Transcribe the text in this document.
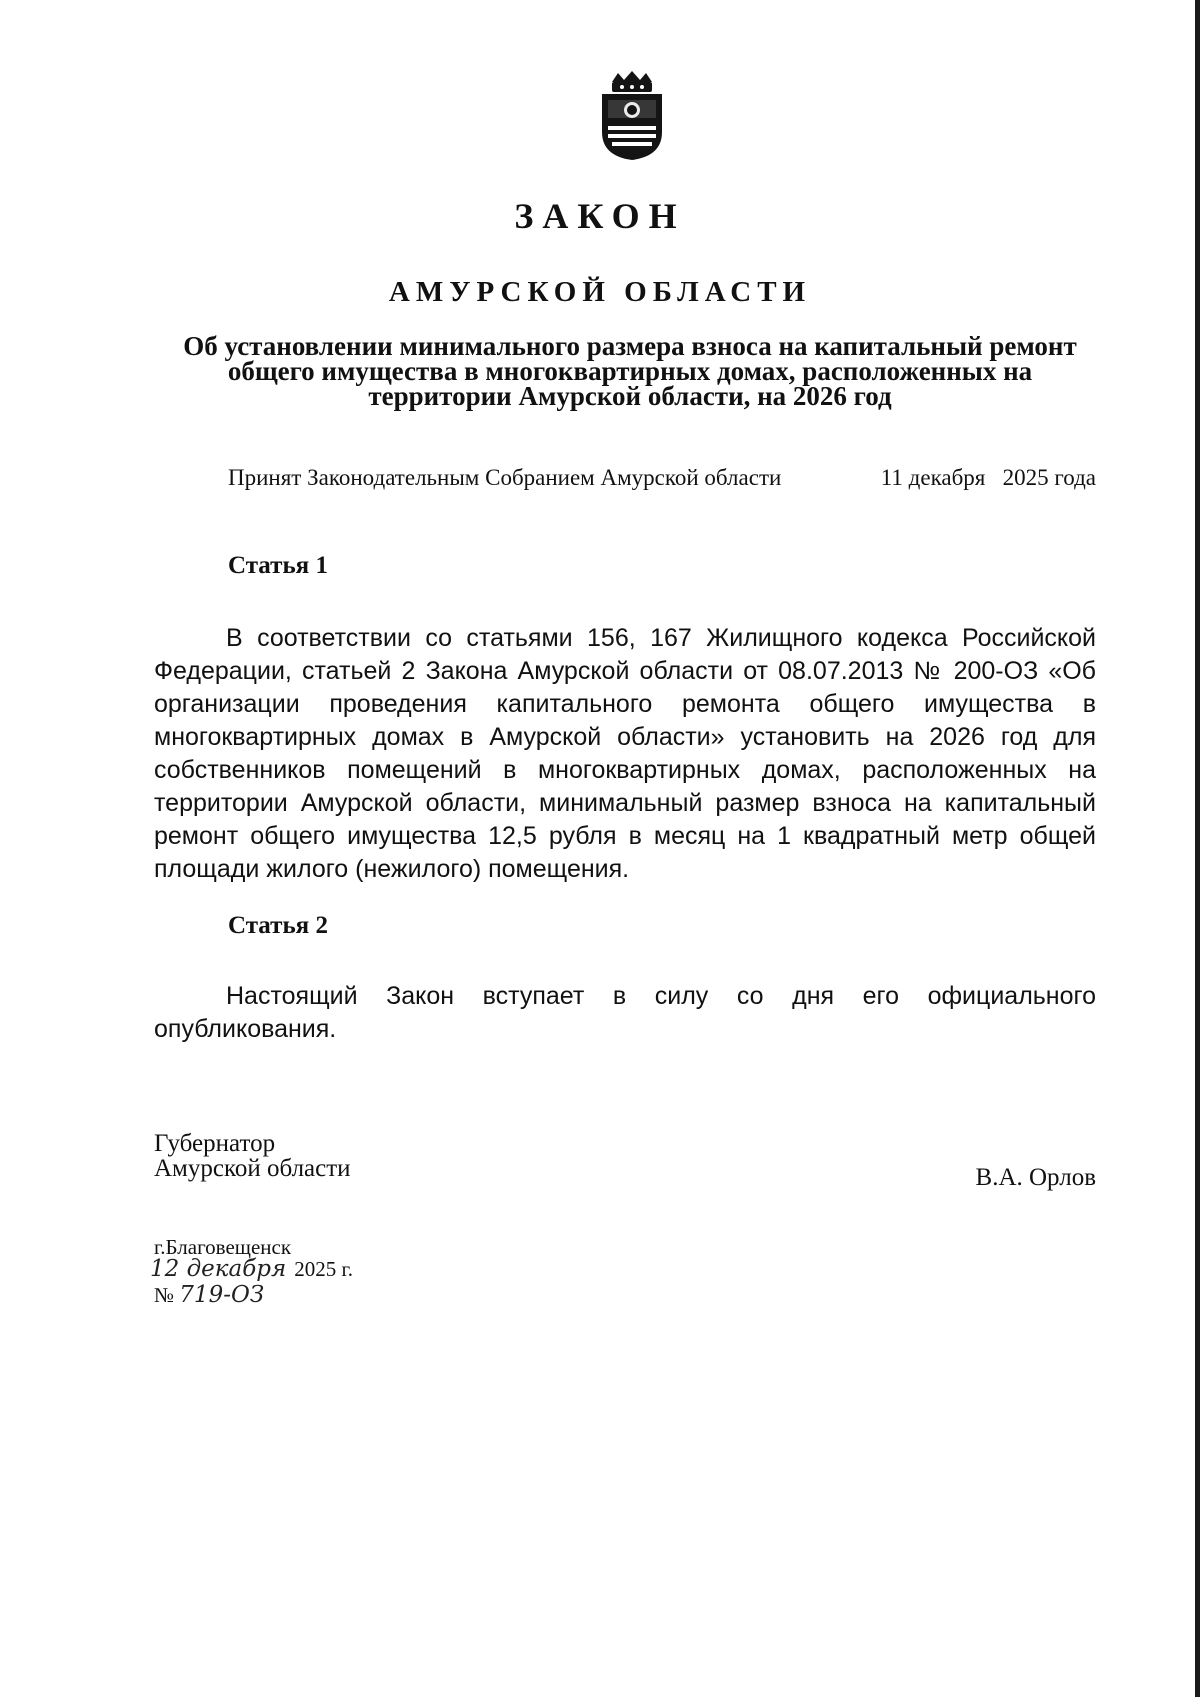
ЗАКОН
АМУРСКОЙ ОБЛАСТИ
Об установлении минимального размера взноса на капитальный ремонт
общего имущества в многоквартирных домах, расположенных на
территории Амурской области, на 2026 год
Принят Законодательным Собранием Амурской области	11 декабря   2025 года
Статья 1
В соответствии со статьями 156, 167 Жилищного кодекса Российской Федерации, статьей 2 Закона Амурской области от 08.07.2013 № 200-ОЗ «Об организации проведения капитального ремонта общего имущества в многоквартирных домах в Амурской области» установить на 2026 год для собственников помещений в многоквартирных домах, расположенных на территории Амурской области, минимальный размер взноса на капитальный ремонт общего имущества 12,5 рубля в месяц на 1 квадратный метр общей площади жилого (нежилого) помещения.
Статья 2
Настоящий Закон вступает в силу со дня его официального опубликования.
Губернатор
Амурской области	В.А. Орлов
г.Благовещенск
12 декабря 2025 г.
№ 719-ОЗ
